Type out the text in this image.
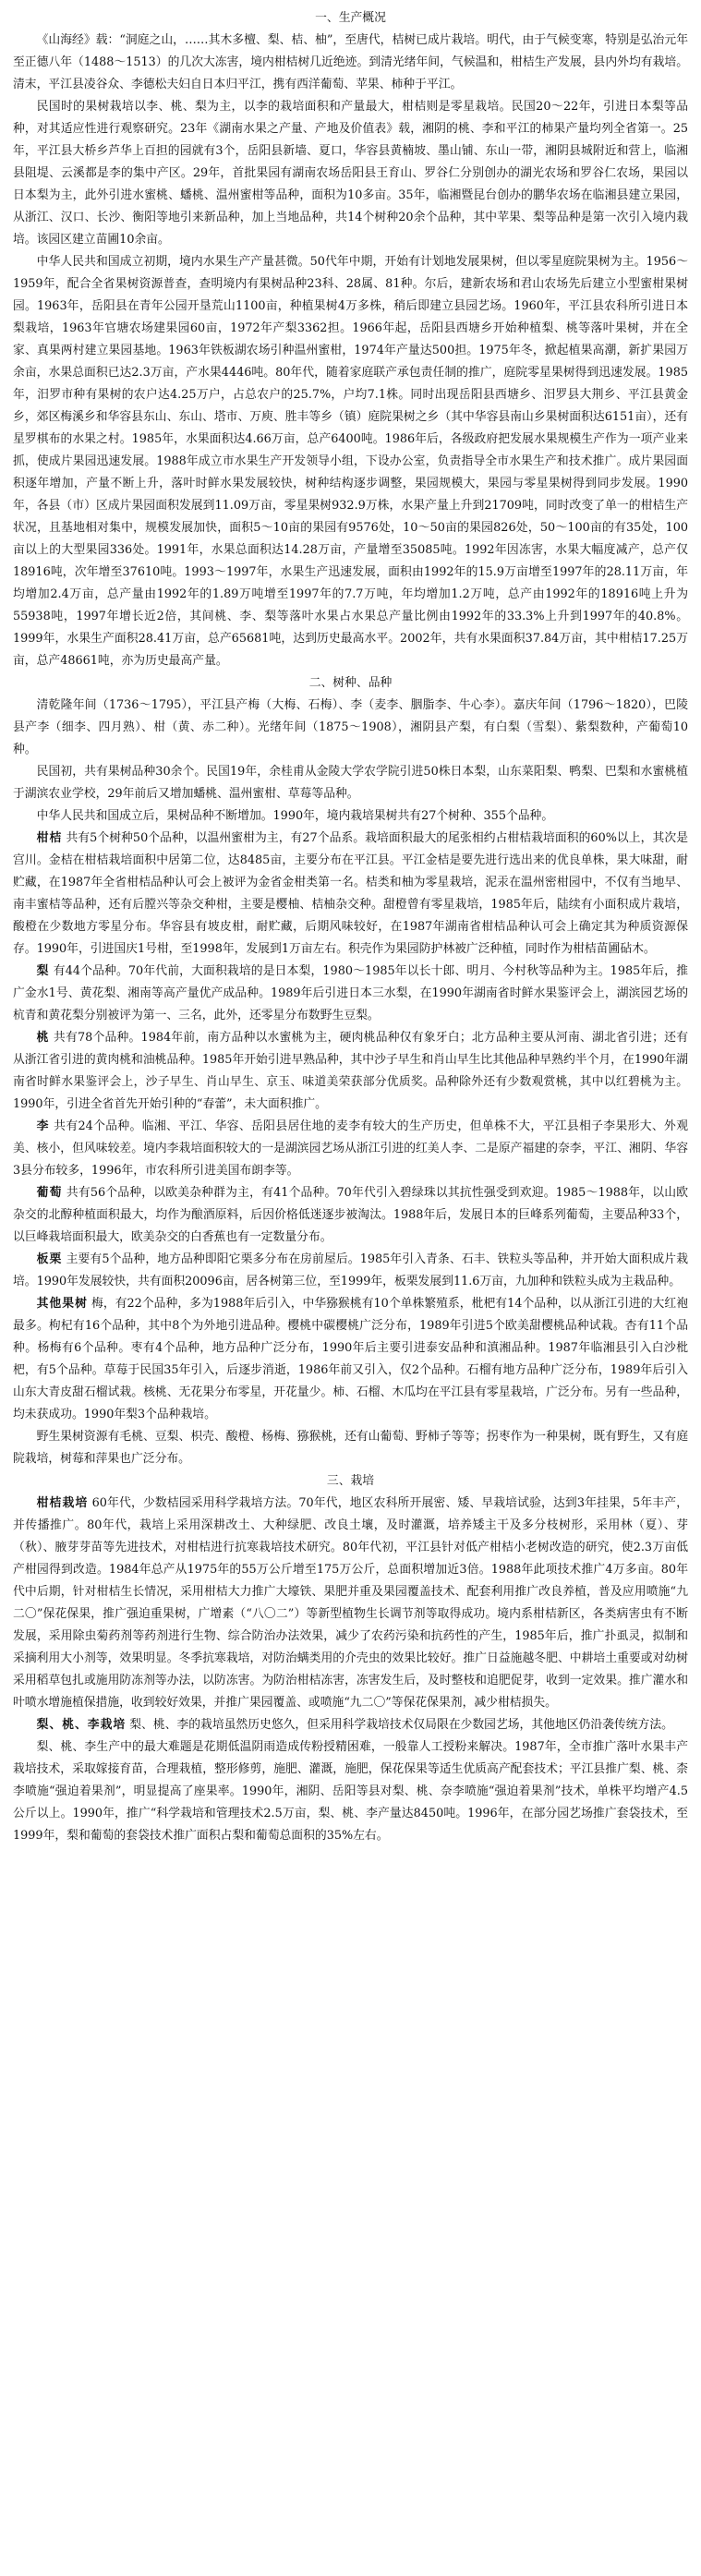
一、生产概况

《山海经》载：“洞庭之山，……其木多檀、梨、桔、柚”，至唐代，桔树已成片栽培。明代，由于气候变寒，特别是弘治元年至正德八年（1488～1513）的几次大冻害，境内柑桔树几近绝迹。到清光绪年间，气候温和，柑桔生产发展，县内外均有栽培。清末，平江县凌谷众、李德松夫妇自日本归平江，携有西洋葡萄、苹果、柿种于平江。

民国时的果树栽培以李、桃、梨为主，以李的栽培面积和产量最大，柑桔则是零星栽培。民国20～22年，引进日本梨等品种，对其适应性进行观察研究。23年《湖南水果之产量、产地及价值表》载，湘阴的桃、李和平江的柿果产量均列全省第一。25年，平江县大桥乡芦华上百担的园就有3个，岳阳县新墙、夏口，华容县黄楠坡、墨山铺、东山一带，湘阴县城附近和营上，临湘县阻堤、云溪都是李的集中产区。29年，首批果园有湖南农场岳阳县王育山、罗谷仁分别创办的湖光农场和罗谷仁农场，果园以日本梨为主，此外引进水蜜桃、蟠桃、温州蜜柑等品种，面积为10多亩。35年，临湘暨昆台创办的鹏华农场在临湘县建立果园，从浙江、汉口、长沙、衡阳等地引来新品种，加上当地品种，共14个树种20余个品种，其中苹果、梨等品种是第一次引入境内栽培。该园区建立苗圃10余亩。

中华人民共和国成立初期，境内水果生产产量甚微。50代年中期，开始有计划地发展果树，但以零星庭院果树为主。1956～1959年，配合全省果树资源普查，查明境内有果树品种23科、28属、81种。尔后，建新农场和君山农场先后建立小型蜜柑果树园。1963年，岳阳县在青年公园开垦荒山1100亩，种植果树4万多株，稍后即建立县园艺场。1960年，平江县农科所引进日本梨栽培，1963年官塘农场建果园60亩，1972年产梨3362担。1966年起，岳阳县西塘乡开始种植梨、桃等落叶果树，并在全家、真果两村建立果园基地。1963年铁板湖农场引种温州蜜柑，1974年产量达500担。1975年冬，掀起植果高潮，新扩果园万余亩，水果总面积已达2.3万亩，产水果4446吨。80年代，随着家庭联产承包责任制的推广，庭院零星果树得到迅速发展。1985年，汨罗市种有果树的农户达4.25万户，占总农户的25.7%，户均7.1株。同时出现岳阳县西塘乡、汨罗县大荆乡、平江县黄金乡，郊区梅溪乡和华容县东山、东山、塔市、万庾、胜丰等乡（镇）庭院果树之乡（其中华容县南山乡果树面积达6151亩），还有星罗棋布的水果之村。1985年，水果面积达4.66万亩，总产6400吨。1986年后，各级政府把发展水果规模生产作为一项产业来抓，使成片果园迅速发展。1988年成立市水果生产开发领导小组，下设办公室，负责指导全市水果生产和技术推广。成片果园面积逐年增加，产量不断上升，落叶时鲜水果发展较快，树种结构逐步调整，果园规模大，果园与零星果树得到同步发展。1990年，各县（市）区成片果园面积发展到11.09万亩，零星果树932.9万株，水果产量上升到21709吨，同时改变了单一的柑桔生产状况，且基地相对集中，规模发展加快，面积5～10亩的果园有9576处，10～50亩的果园826处，50～100亩的有35处，100亩以上的大型果园336处。1991年，水果总面积达14.28万亩，产量增至35085吨。1992年因冻害，水果大幅度减产，总产仅18916吨，次年增至37610吨。1993～1997年，水果生产迅速发展，面积由1992年的15.9万亩增至1997年的28.11万亩，年均增加2.4万亩，总产量由1992年的1.89万吨增至1997年的7.7万吨，年均增加1.2万吨，总产由1992年的18916吨上升为55938吨，1997年增长近2倍，其间桃、李、梨等落叶水果占水果总产量比例由1992年的33.3%上升到1997年的40.8%。1999年，水果生产面积28.41万亩，总产65681吨，达到历史最高水平。2002年，共有水果面积37.84万亩，其中柑桔17.25万亩，总产48661吨，亦为历史最高产量。

二、树种、品种

清乾隆年间（1736～1795），平江县产梅（大梅、石梅）、李（麦李、胭脂李、牛心李）。嘉庆年间（1796～1820），巴陵县产李（细李、四月熟）、柑（黄、赤二种）。光绪年间（1875～1908），湘阴县产梨，有白梨（雪梨）、紫梨数种，产葡萄10种。

民国初，共有果树品种30余个。民国19年，余桂甫从金陵大学农学院引进50株日本梨，山东菜阳梨、鸭梨、巴梨和水蜜桃植于湖滨农业学校，29年前后又增加蟠桃、温州蜜柑、草莓等品种。

中华人民共和国成立后，果树品种不断增加。1990年，境内栽培果树共有27个树种、355个品种。

柑桔 共有5个树种50个品种，以温州蜜柑为主，有27个品系。栽培面积最大的尾张相约占柑桔栽培面积的60%以上，其次是宫川。金桔在柑桔栽培面积中居第二位，达8485亩，主要分布在平江县。平江金桔是要先进行选出来的优良单株，果大味甜，耐贮藏，在1987年全省柑桔品种认可会上被评为金省金柑类第一名。桔类和柚为零星栽培，泥汞在温州密柑园中，不仅有当地早、南丰蜜桔等品种，还有后膛兴等杂交种柑，主要是樱柚、桔柚杂交种。甜橙曾有零星栽培，1985年后，陆续有小面积成片栽培，酸橙在少数地方零星分布。华容县有坡皮柑，耐贮藏，后期风味较好，在1987年湖南省柑桔品种认可会上确定其为种质资源保存。1990年，引进国庆1号柑，至1998年，发展到1万亩左右。积壳作为果园防护林被广泛种植，同时作为柑桔苗圃砧木。

梨 有44个品种。70年代前，大面积栽培的是日本梨，1980～1985年以长十郎、明月、今村秋等品种为主。1985年后，推广金水1号、黄花梨、湘南等高产量优产成品种。1989年后引进日本三水梨，在1990年湖南省时鲜水果鉴评会上，湖滨园艺场的杭青和黄花梨分别被评为第一、三名，此外，还零星分布数野生豆梨。

桃 共有78个品种。1984年前，南方品种以水蜜桃为主，硬肉桃品种仅有象牙白；北方品种主要从河南、湖北省引进；还有从浙江省引进的黄肉桃和油桃品种。1985年开始引进早熟品种，其中沙子早生和肖山早生比其他品种早熟约半个月，在1990年湖南省时鲜水果鉴评会上，沙子早生、肖山早生、京玉、味道美荣获部分优质奖。品种除外还有少数观赏桃，其中以红碧桃为主。1990年，引进全省首先开始引种的“春蕾”，未大面积推广。

李 共有24个品种。临湘、平江、华容、岳阳县居住地的麦李有较大的生产历史，但单株不大，平江县相子李果形大、外观美、核小，但风味较差。境内李栽培面积较大的一是湖滨园艺场从浙江引进的红美人李、二是原产福建的奈李，平江、湘阴、华容3县分布较多，1996年，市农科所引进美国布朗李等。

葡萄 共有56个品种，以欧美杂种群为主，有41个品种。70年代引入碧绿珠以其抗性强受到欢迎。1985～1988年，以山欧杂交的北醇种植面积最大，均作为酿酒原料，后因价格低迷逐步被淘汰。1988年后，发展日本的巨峰系列葡萄，主要品种33个，以巨峰栽培面积最大，欧美杂交的白香蕉也有一定数量分布。

板栗 主要有5个品种，地方品种即阳它栗多分布在房前屋后。1985年引入青条、石丰、铁粒头等品种，并开始大面积成片栽培。1990年发展较快，共有面积20096亩，居各树第三位，至1999年，板栗发展到11.6万亩，九加种和铁粒头成为主栽品种。

其他果树 梅，有22个品种，多为1988年后引入，中华猕猴桃有10个单株繁殖系，枇杷有14个品种，以从浙江引进的大红袍最多。枸杞有16个品种，其中8个为外地引进品种。樱桃中碳樱桃广泛分布，1989年引进5个欧美甜樱桃品种试栽。杏有11个品种。杨梅有6个品种。枣有4个品种，地方品种广泛分布，1990年后主要引进泰安品种和滇湘品种。1987年临湘县引入白沙枇杷，有5个品种。草莓于民国35年引入，后逐步消逝，1986年前又引入，仅2个品种。石榴有地方品种广泛分布，1989年后引入山东大青皮甜石榴试栽。核桃、无花果分布零星，开花量少。柿、石榴、木瓜均在平江县有零星栽培，广泛分布。另有一些品种，均未获成功。1990年梨3个品种栽培。

野生果树资源有毛桃、豆梨、枳壳、酸橙、杨梅、猕猴桃，还有山葡萄、野柿子等等；拐枣作为一种果树，既有野生，又有庭院栽培，树莓和萍果也广泛分布。

三、栽培

柑桔栽培 60年代，少数桔园采用科学栽培方法。70年代，地区农科所开展密、矮、早栽培试验，达到3年挂果，5年丰产，并传播推广。80年代，栽培上采用深耕改土、大种绿肥、改良土壤，及时灌溉，培养矮主干及多分枝树形，采用林（夏）、芽（秋）、腋芽芽苗等先进技术，对柑桔进行抗寒栽培技术研究。80年代初，平江县针对低产柑桔小老树改造的研究，使2.3万亩低产柑园得到改造。1984年总产从1975年的55万公斤增至175万公斤，总面积增加近3倍。1988年此项技术推广4万多亩。80年代中后期，针对柑桔生长情况，采用柑桔大力推广大壕铁、果肥并重及果园覆盖技术、配套利用推广改良养植，普及应用喷施“九二〇”保花保果，推广强迫重果树，广增素（“八〇二”）等新型植物生长调节剂等取得成功。境内系柑桔新区，各类病害虫有不断发展，采用除虫菊药剂等药剂进行生物、综合防治办法效果，减少了农药污染和抗药性的产生，1985年后，推广扑虱灵，拟制和采摘利用大小剂等，效果明显。冬季抗寒栽培，对防治螨类用的介壳虫的效果比较好。推广日益施越冬肥、中耕培土重要或对幼树采用稻草包扎或施用防冻剂等办法，以防冻害。为防治柑桔冻害，冻害发生后，及时整枝和追肥促芽，收到一定效果。推广灌水和叶喷水增施植保措施，收到较好效果，并推广果园覆盖、或喷施“九二〇”等保花保果剂，减少柑桔损失。

梨、桃、李栽培 梨、桃、李的栽培虽然历史悠久，但采用科学栽培技术仅局限在少数园艺场，其他地区仍沿袭传统方法。

梨、桃、李生产中的最大难题是花期低温阴雨造成传粉授精困难，一般靠人工授粉来解决。1987年，全市推广落叶水果丰产栽培技术，采取嫁接育苗，合理栽植，整形修剪，施肥、灌溉，施肥，保花保果等适生优质高产配套技术；平江县推广梨、桃、柰李喷施“强迫着果剂”，明显提高了座果率。1990年，湘阴、岳阳等县对梨、桃、奈李喷施“强迫着果剂”技术，单株平均增产4.5公斤以上。1990年，推广“科学栽培和管理技术2.5万亩，梨、桃、李产量达8450吨。1996年，在部分园艺场推广套袋技术，至1999年，梨和葡萄的套袋技术推广面积占梨和葡萄总面积的35%左右。
